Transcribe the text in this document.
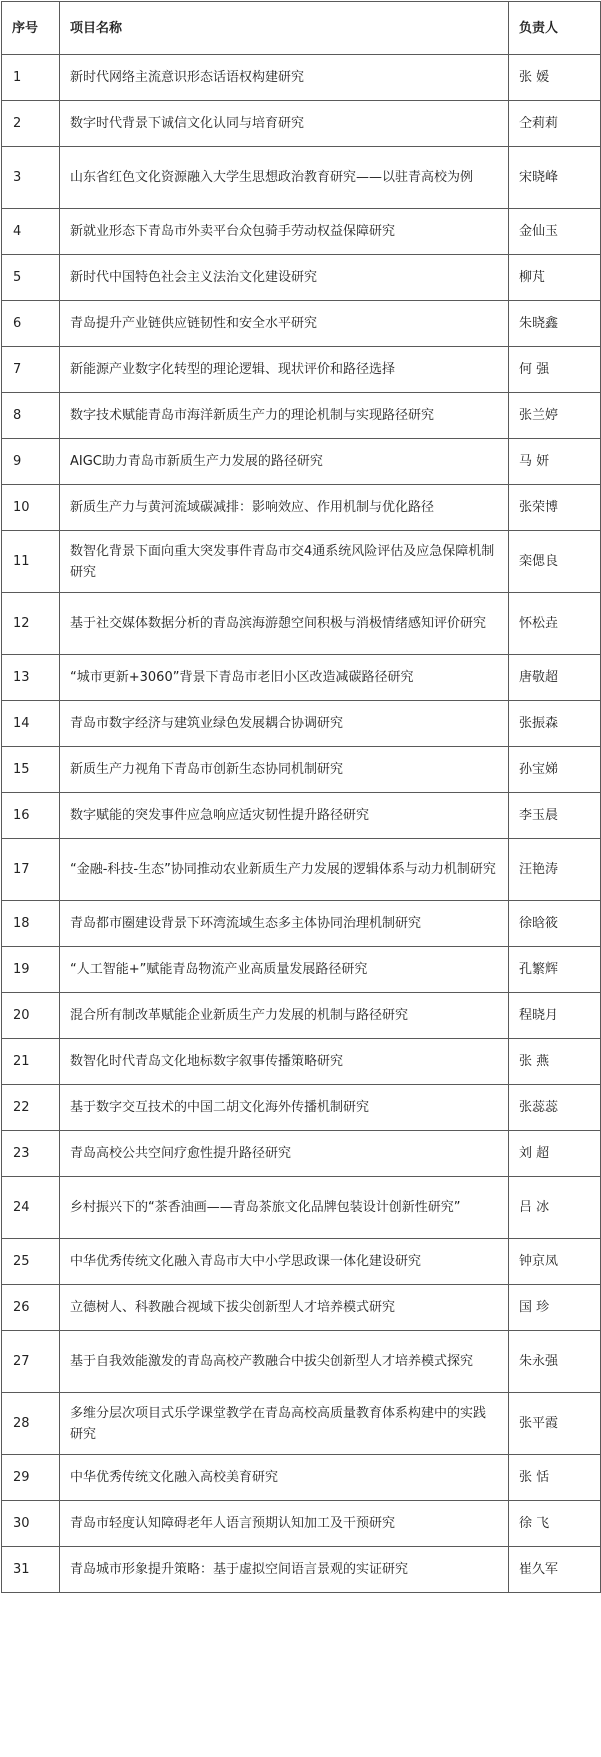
序号	项目名称	负责人
1	新时代网络主流意识形态话语权构建研究	张 媛
2	数字时代背景下诚信文化认同与培育研究	仝莉莉
3	山东省红色文化资源融入大学生思想政治教育研究——以驻青高校为例	宋晓峰
4	新就业形态下青岛市外卖平台众包骑手劳动权益保障研究	金仙玉
5	新时代中国特色社会主义法治文化建设研究	柳芃
6	青岛提升产业链供应链韧性和安全水平研究	朱晓鑫
7	新能源产业数字化转型的理论逻辑、现状评价和路径选择	何 强
8	数字技术赋能青岛市海洋新质生产力的理论机制与实现路径研究	张兰婷
9	AIGC助力青岛市新质生产力发展的路径研究	马 妍
10	新质生产力与黄河流域碳减排：影响效应、作用机制与优化路径	张荣博
11	数智化背景下面向重大突发事件青岛市交4通系统风险评估及应急保障机制研究	栾偲良
12	基于社交媒体数据分析的青岛滨海游憩空间积极与消极情绪感知评价研究	怀松垚
13	“城市更新+3060”背景下青岛市老旧小区改造减碳路径研究	唐敬超
14	青岛市数字经济与建筑业绿色发展耦合协调研究	张振森
15	新质生产力视角下青岛市创新生态协同机制研究	孙宝娣
16	数字赋能的突发事件应急响应适灾韧性提升路径研究	李玉晨
17	“金融-科技-生态”协同推动农业新质生产力发展的逻辑体系与动力机制研究	汪艳涛
18	青岛都市圈建设背景下环湾流域生态多主体协同治理机制研究	徐晗筱
19	“人工智能+”赋能青岛物流产业高质量发展路径研究	孔繁辉
20	混合所有制改革赋能企业新质生产力发展的机制与路径研究	程晓月
21	数智化时代青岛文化地标数字叙事传播策略研究	张 燕
22	基于数字交互技术的中国二胡文化海外传播机制研究	张蕊蕊
23	青岛高校公共空间疗愈性提升路径研究	刘 超
24	乡村振兴下的“茶香油画——青岛茶旅文化品牌包装设计创新性研究”	吕 冰
25	中华优秀传统文化融入青岛市大中小学思政课一体化建设研究	钟京凤
26	立德树人、科教融合视域下拔尖创新型人才培养模式研究	国 珍
27	基于自我效能激发的青岛高校产教融合中拔尖创新型人才培养模式探究	朱永强
28	多维分层次项目式乐学课堂教学在青岛高校高质量教育体系构建中的实践研究	张平霞
29	中华优秀传统文化融入高校美育研究	张 恬
30	青岛市轻度认知障碍老年人语言预期认知加工及干预研究	徐 飞
31	青岛城市形象提升策略：基于虚拟空间语言景观的实证研究	崔久军
